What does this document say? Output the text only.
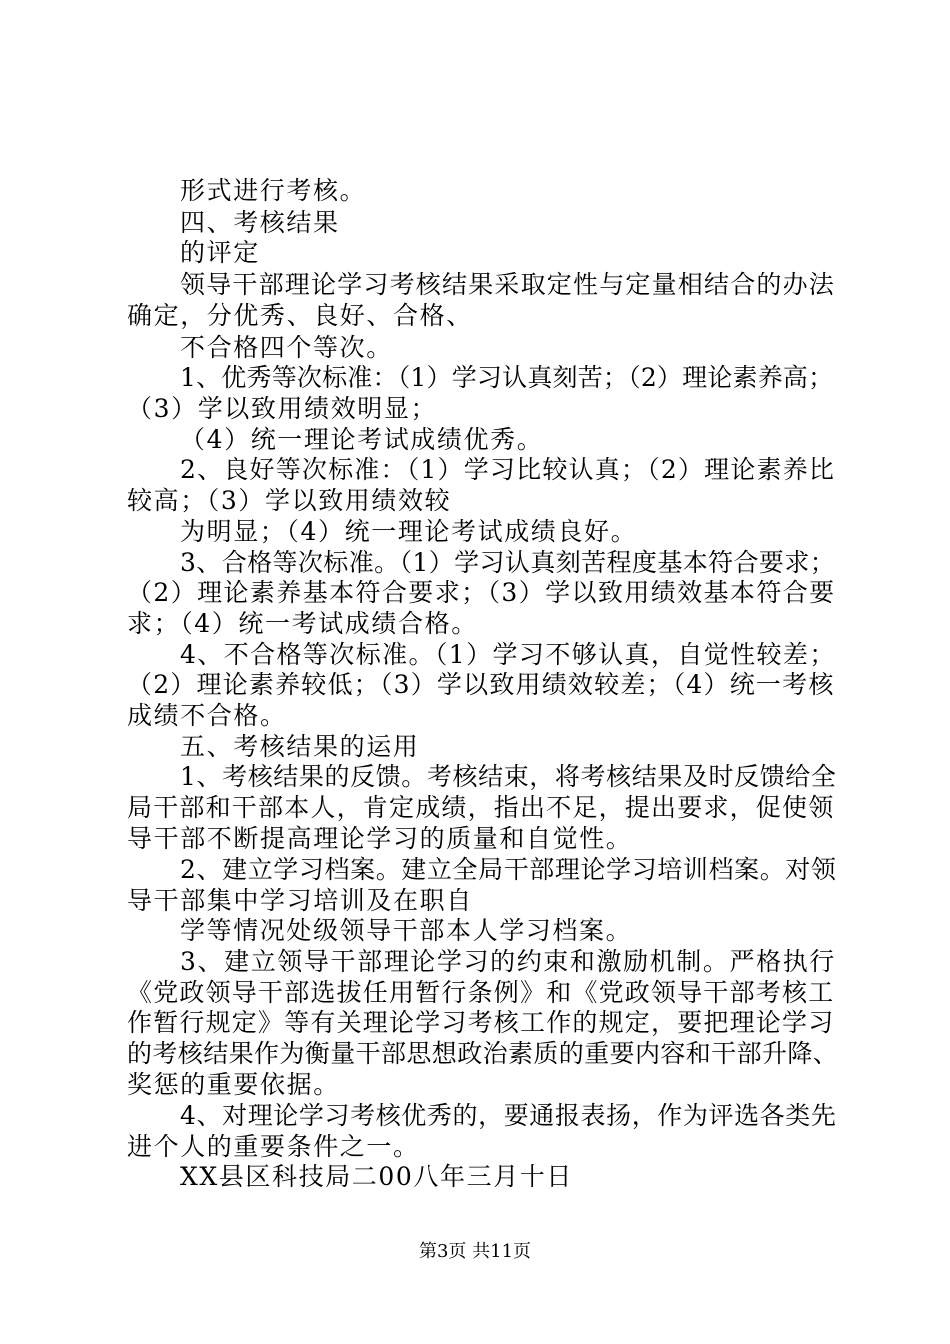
形式进行考核。
四、考核结果
的评定
领导干部理论学习考核结果采取定性与定量相结合的办法
确定，分优秀、良好、合格、
不合格四个等次。
1、优秀等次标准：（1）学习认真刻苦；（2）理论素养高；
（3）学以致用绩效明显；
（4）统一理论考试成绩优秀。
2、良好等次标准：（1）学习比较认真；（2）理论素养比
较高；（3）学以致用绩效较
为明显；（4）统一理论考试成绩良好。
3、合格等次标准。（1）学习认真刻苦程度基本符合要求；
（2）理论素养基本符合要求；（3）学以致用绩效基本符合要
求；（4）统一考试成绩合格。
4、不合格等次标准。（1）学习不够认真，自觉性较差；
（2）理论素养较低；（3）学以致用绩效较差；（4）统一考核
成绩不合格。
五、考核结果的运用
1、考核结果的反馈。考核结束，将考核结果及时反馈给全
局干部和干部本人，肯定成绩，指出不足，提出要求，促使领
导干部不断提高理论学习的质量和自觉性。
2、建立学习档案。建立全局干部理论学习培训档案。对领
导干部集中学习培训及在职自
学等情况处级领导干部本人学习档案。
3、建立领导干部理论学习的约束和激励机制。严格执行
《党政领导干部选拔任用暂行条例》和《党政领导干部考核工
作暂行规定》等有关理论学习考核工作的规定，要把理论学习
的考核结果作为衡量干部思想政治素质的重要内容和干部升降、
奖惩的重要依据。
4、对理论学习考核优秀的，要通报表扬，作为评选各类先
进个人的重要条件之一。
XX县区科技局二00八年三月十日
第3页 共11页
